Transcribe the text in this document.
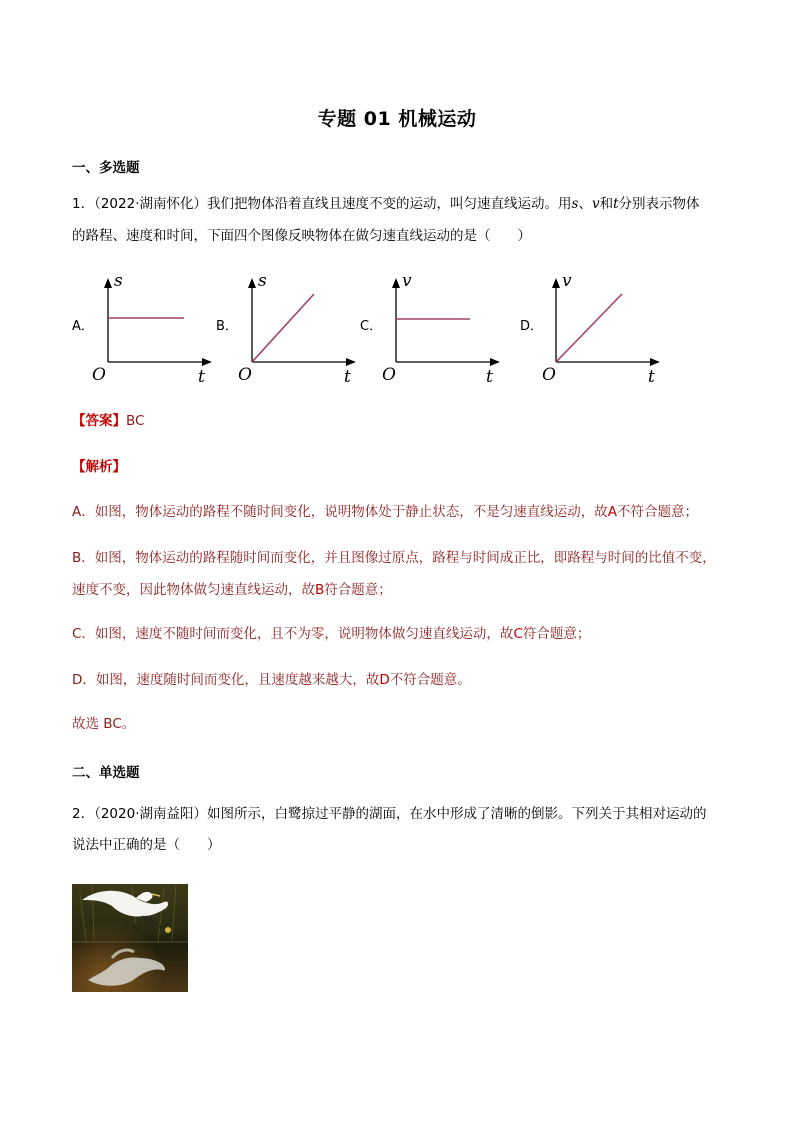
专题 01 机械运动
一、多选题
1．（2022·湖南怀化）我们把物体沿着直线且速度不变的运动，叫匀速直线运动。用s、v和t分别表示物体
的路程、速度和时间，下面四个图像反映物体在做匀速直线运动的是（　　）
A．
s
t
O
B．
s
t
O
C．
v
t
O
D．
v
t
O
【答案】BC
【解析】
A．如图，物体运动的路程不随时间变化，说明物体处于静止状态，不是匀速直线运动，故A不符合题意；
B．如图，物体运动的路程随时间而变化，并且图像过原点，路程与时间成正比，即路程与时间的比值不变，
速度不变，因此物体做匀速直线运动，故B符合题意；
C．如图，速度不随时间而变化，且不为零，说明物体做匀速直线运动，故C符合题意；
D．如图，速度随时间而变化，且速度越来越大，故D不符合题意。
故选 BC。
二、单选题
2．（2020·湖南益阳）如图所示，白鹭掠过平静的湖面，在水中形成了清晰的倒影。下列关于其相对运动的
说法中正确的是（　　）
